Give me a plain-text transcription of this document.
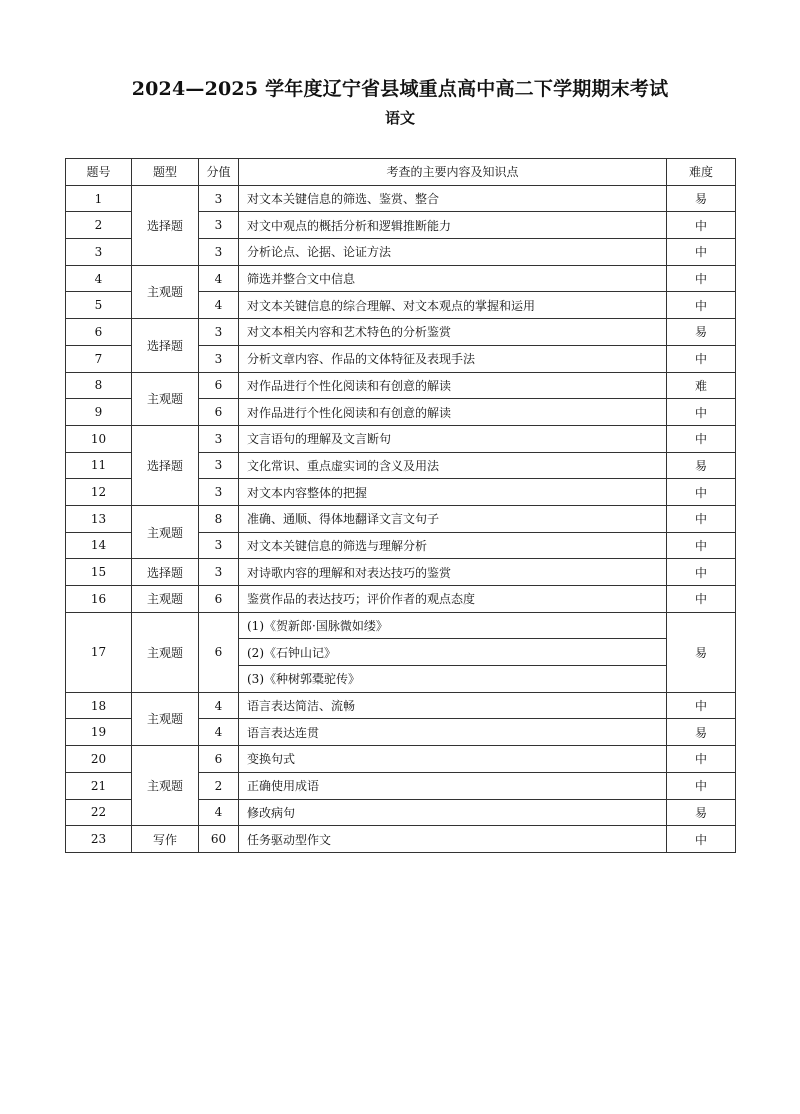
2024—2025 学年度辽宁省县域重点高中高二下学期期末考试
语文
题号	题型	分值	考查的主要内容及知识点	难度
1	选择题	3	对文本关键信息的筛选、鉴赏、整合	易
2		3	对文中观点的概括分析和逻辑推断能力	中
3		3	分析论点、论据、论证方法	中
4	主观题	4	筛选并整合文中信息	中
5		4	对文本关键信息的综合理解、对文本观点的掌握和运用	中
6	选择题	3	对文本相关内容和艺术特色的分析鉴赏	易
7		3	分析文章内容、作品的文体特征及表现手法	中
8	主观题	6	对作品进行个性化阅读和有创意的解读	难
9		6	对作品进行个性化阅读和有创意的解读	中
10	选择题	3	文言语句的理解及文言断句	中
11		3	文化常识、重点虚实词的含义及用法	易
12		3	对文本内容整体的把握	中
13	主观题	8	准确、通顺、得体地翻译文言文句子	中
14		3	对文本关键信息的筛选与理解分析	中
15	选择题	3	对诗歌内容的理解和对表达技巧的鉴赏	中
16	主观题	6	鉴赏作品的表达技巧；评价作者的观点态度	中
17	主观题	6	(1)《贺新郎·国脉微如缕》	易
			(2)《石钟山记》	
			(3)《种树郭橐驼传》	
18	主观题	4	语言表达简洁、流畅	中
19		4	语言表达连贯	易
20	主观题	6	变换句式	中
21		2	正确使用成语	中
22		4	修改病句	易
23	写作	60	任务驱动型作文	中
